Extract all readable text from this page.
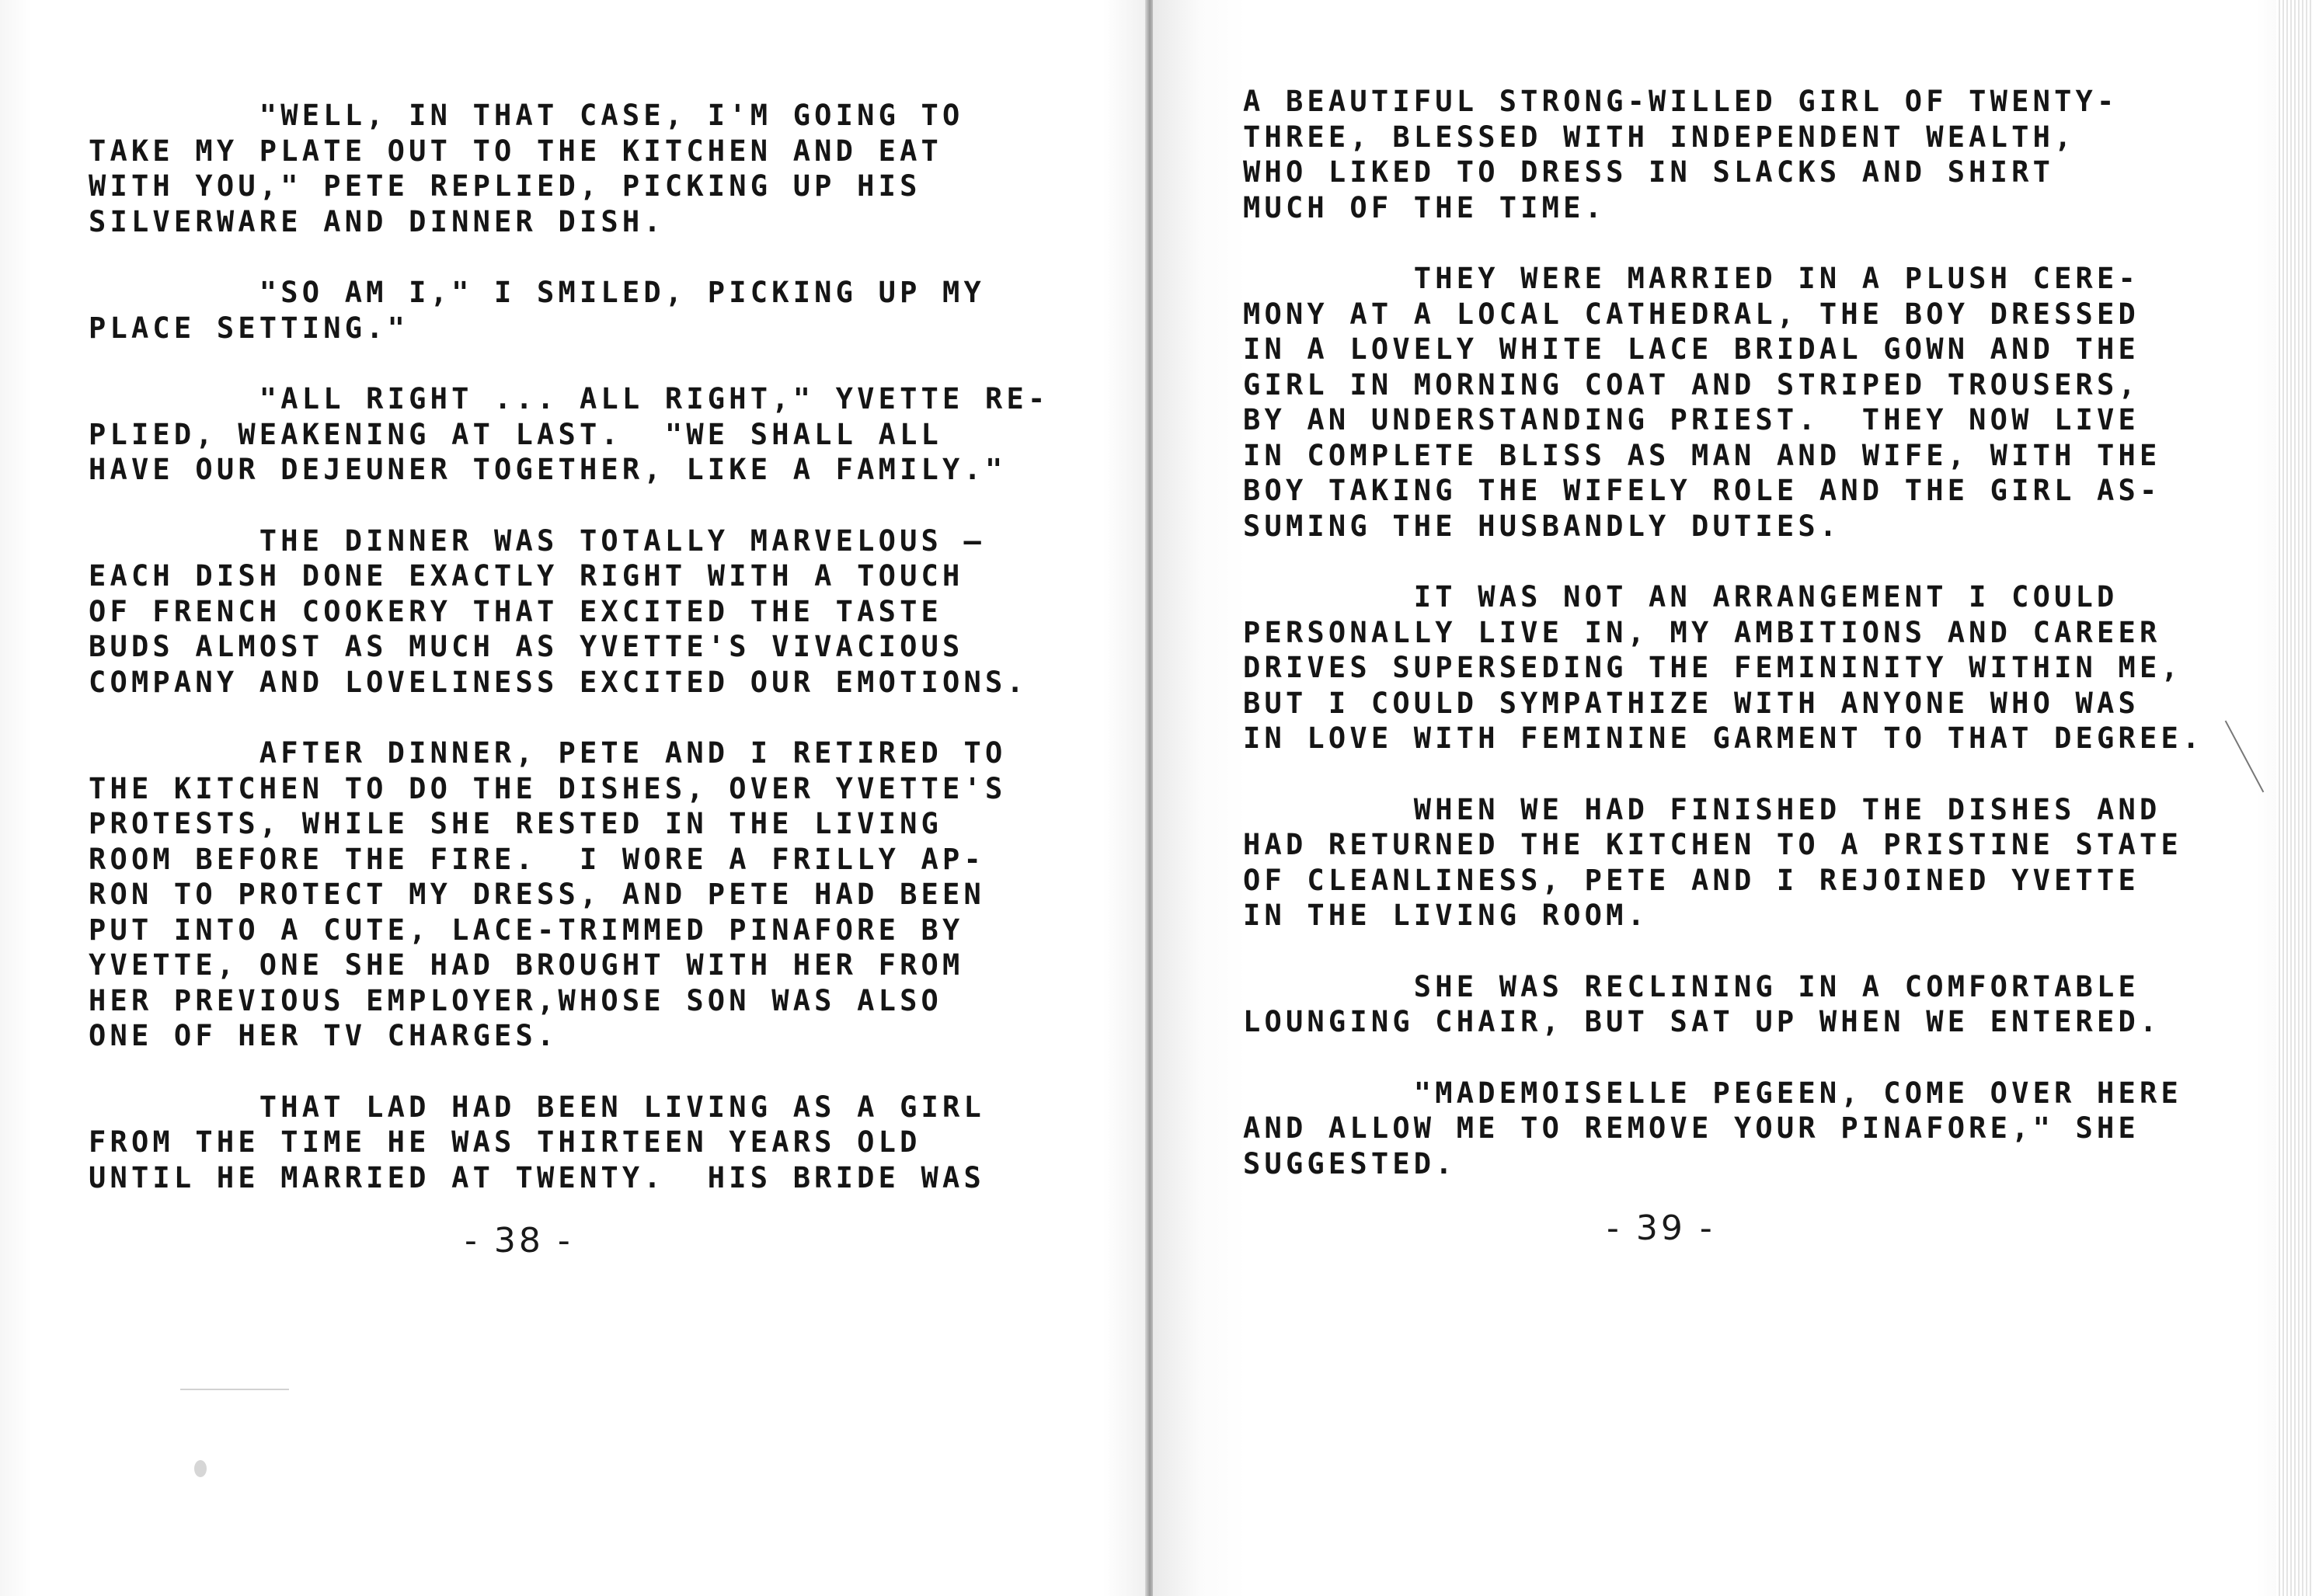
"WELL, IN THAT CASE, I'M GOING TO
TAKE MY PLATE OUT TO THE KITCHEN AND EAT
WITH YOU," PETE REPLIED, PICKING UP HIS
SILVERWARE AND DINNER DISH.
"SO AM I," I SMILED, PICKING UP MY
PLACE SETTING."
"ALL RIGHT ... ALL RIGHT," YVETTE RE-
PLIED, WEAKENING AT LAST.  "WE SHALL ALL
HAVE OUR DEJEUNER TOGETHER, LIKE A FAMILY."
THE DINNER WAS TOTALLY MARVELOUS —
EACH DISH DONE EXACTLY RIGHT WITH A TOUCH
OF FRENCH COOKERY THAT EXCITED THE TASTE
BUDS ALMOST AS MUCH AS YVETTE'S VIVACIOUS
COMPANY AND LOVELINESS EXCITED OUR EMOTIONS.
AFTER DINNER, PETE AND I RETIRED TO
THE KITCHEN TO DO THE DISHES, OVER YVETTE'S
PROTESTS, WHILE SHE RESTED IN THE LIVING
ROOM BEFORE THE FIRE.  I WORE A FRILLY AP-
RON TO PROTECT MY DRESS, AND PETE HAD BEEN
PUT INTO A CUTE, LACE-TRIMMED PINAFORE BY
YVETTE, ONE SHE HAD BROUGHT WITH HER FROM
HER PREVIOUS EMPLOYER,WHOSE SON WAS ALSO
ONE OF HER TV CHARGES.
THAT LAD HAD BEEN LIVING AS A GIRL
FROM THE TIME HE WAS THIRTEEN YEARS OLD
UNTIL HE MARRIED AT TWENTY.  HIS BRIDE WAS
- 38 -
A BEAUTIFUL STRONG-WILLED GIRL OF TWENTY-
THREE, BLESSED WITH INDEPENDENT WEALTH,
WHO LIKED TO DRESS IN SLACKS AND SHIRT
MUCH OF THE TIME.
THEY WERE MARRIED IN A PLUSH CERE-
MONY AT A LOCAL CATHEDRAL, THE BOY DRESSED
IN A LOVELY WHITE LACE BRIDAL GOWN AND THE
GIRL IN MORNING COAT AND STRIPED TROUSERS,
BY AN UNDERSTANDING PRIEST.  THEY NOW LIVE
IN COMPLETE BLISS AS MAN AND WIFE, WITH THE
BOY TAKING THE WIFELY ROLE AND THE GIRL AS-
SUMING THE HUSBANDLY DUTIES.
IT WAS NOT AN ARRANGEMENT I COULD
PERSONALLY LIVE IN, MY AMBITIONS AND CAREER
DRIVES SUPERSEDING THE FEMININITY WITHIN ME,
BUT I COULD SYMPATHIZE WITH ANYONE WHO WAS
IN LOVE WITH FEMININE GARMENT TO THAT DEGREE.
WHEN WE HAD FINISHED THE DISHES AND
HAD RETURNED THE KITCHEN TO A PRISTINE STATE
OF CLEANLINESS, PETE AND I REJOINED YVETTE
IN THE LIVING ROOM.
SHE WAS RECLINING IN A COMFORTABLE
LOUNGING CHAIR, BUT SAT UP WHEN WE ENTERED.
"MADEMOISELLE PEGEEN, COME OVER HERE
AND ALLOW ME TO REMOVE YOUR PINAFORE," SHE
SUGGESTED.
- 39 -
